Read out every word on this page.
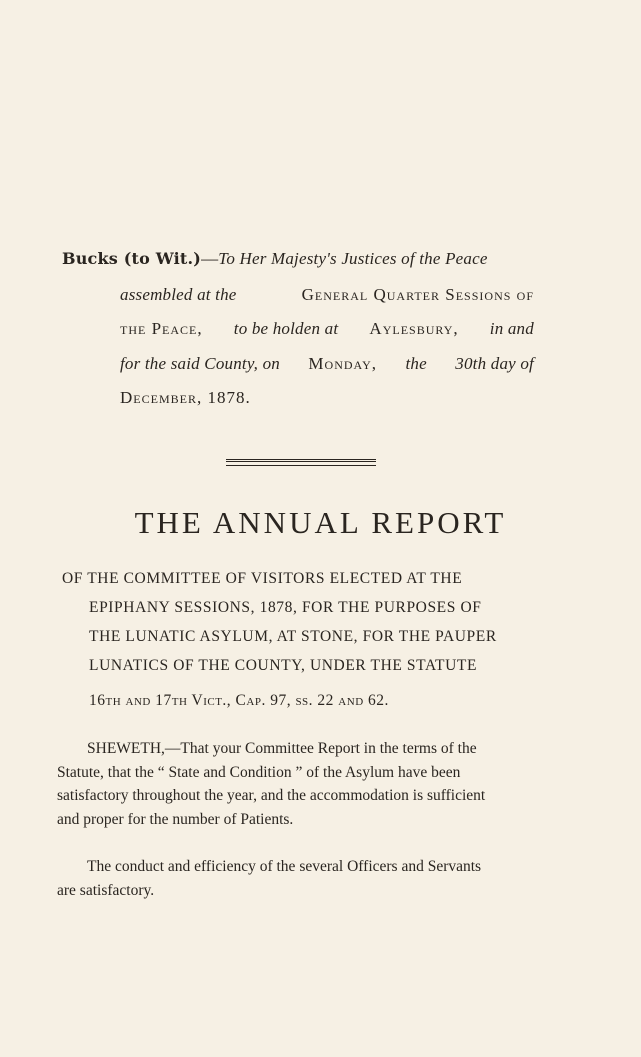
Bucks (to Wit.)—To Her Majesty's Justices of the Peace
assembled at the	General Quarter Sessions of
the Peace, to be holden at Aylesbury, in and
for the said County, on Monday, the 30th day of
December, 1878.
THE ANNUAL REPORT
OF THE COMMITTEE OF VISITORS ELECTED AT THE
EPIPHANY SESSIONS, 1878, FOR THE PURPOSES OF
THE LUNATIC ASYLUM, AT STONE, FOR THE PAUPER
LUNATICS OF THE COUNTY, UNDER THE STATUTE
16th and 17th Vict., Cap. 97, ss. 22 and 62.
SHEWETH,—That your Committee Report in the terms of the
Statute, that the “ State and Condition ” of the Asylum have been
satisfactory throughout the year, and the accommodation is sufficient
and proper for the number of Patients.
The conduct and efficiency of the several Officers and Servants
are satisfactory.
